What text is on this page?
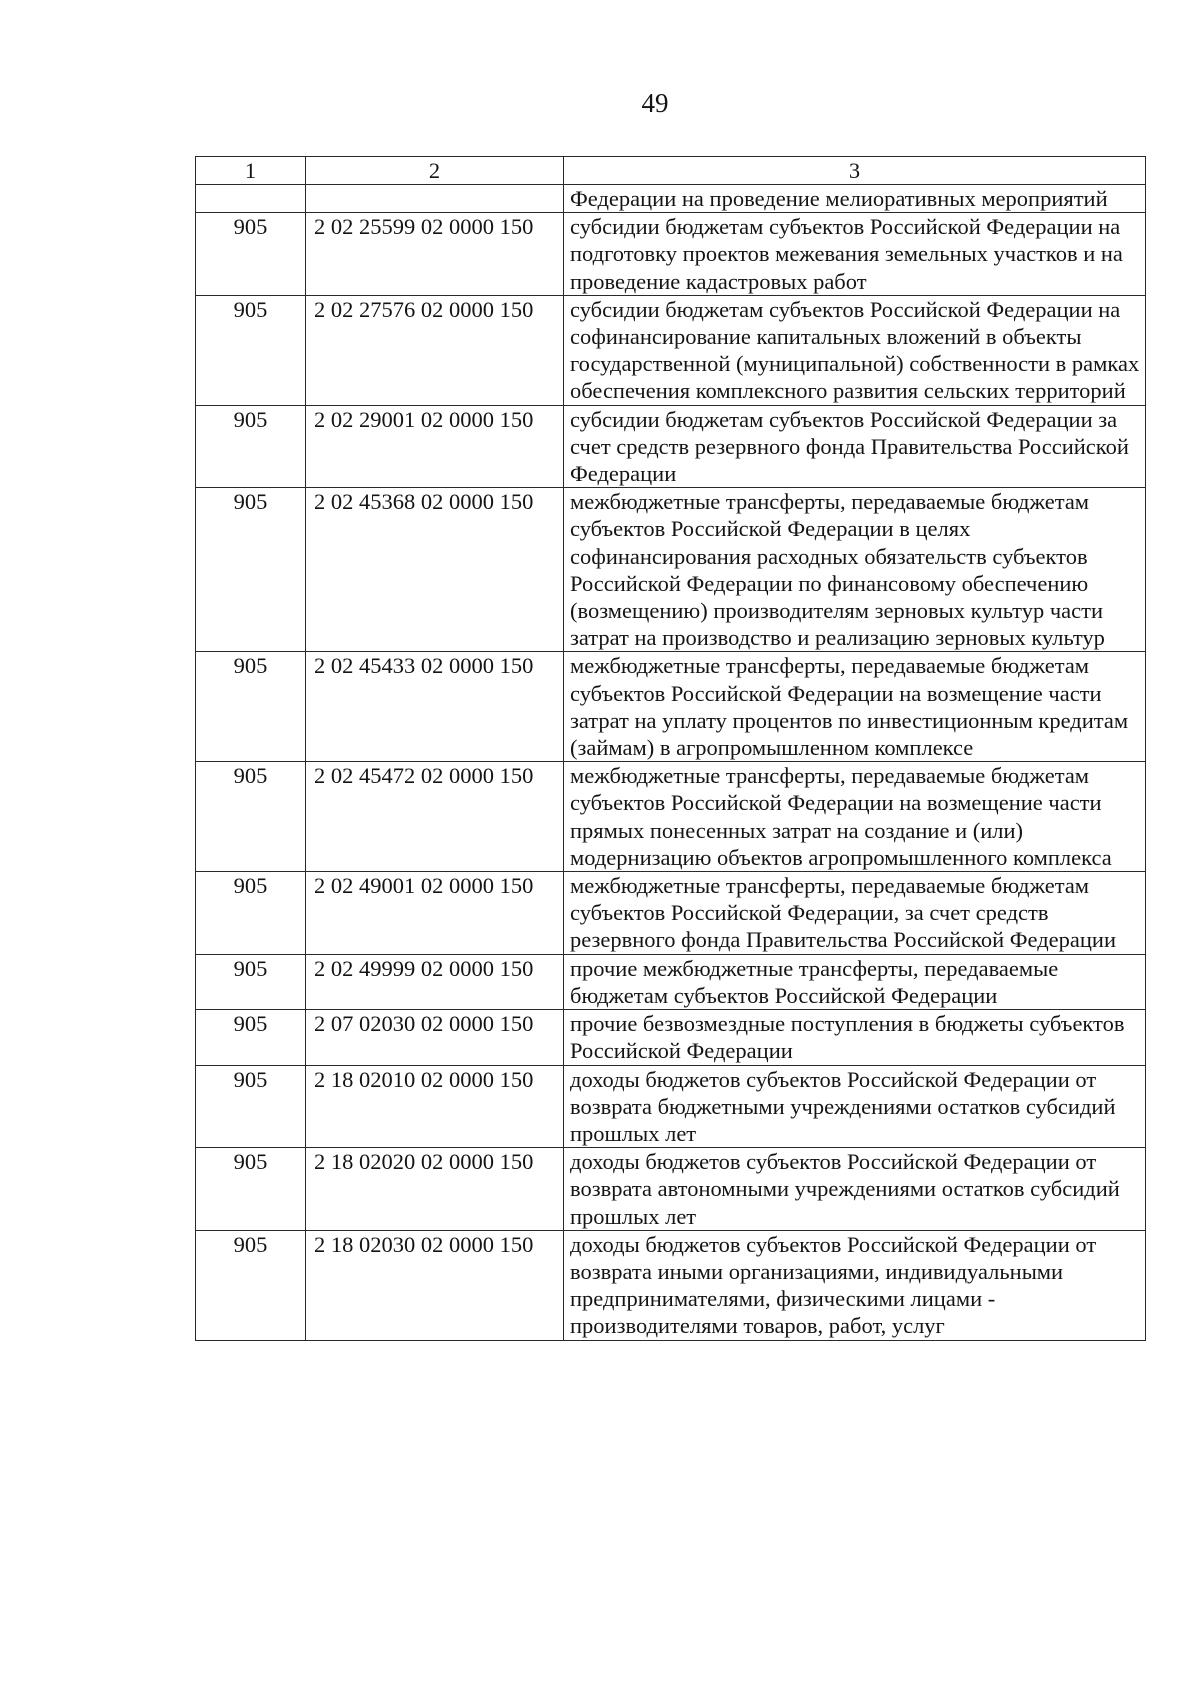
49
1	2	3
		Федерации на проведение мелиоративных мероприятий
905	2 02 25599 02 0000 150	субсидии бюджетам субъектов Российской Федерации на подготовку проектов межевания земельных участков и на проведение кадастровых работ
905	2 02 27576 02 0000 150	субсидии бюджетам субъектов Российской Федерации на софинансирование капитальных вложений в объекты государственной (муниципальной) собственности в рамках обеспечения комплексного развития сельских территорий
905	2 02 29001 02 0000 150	субсидии бюджетам субъектов Российской Федерации за счет средств резервного фонда Правительства Российской Федерации
905	2 02 45368 02 0000 150	межбюджетные трансферты, передаваемые бюджетам субъектов Российской Федерации в целях софинансирования расходных обязательств субъектов Российской Федерации по финансовому обеспечению (возмещению) производителям зерновых культур части затрат на производство и реализацию зерновых культур
905	2 02 45433 02 0000 150	межбюджетные трансферты, передаваемые бюджетам субъектов Российской Федерации на возмещение части затрат на уплату процентов по инвестиционным кредитам (займам) в агропромышленном комплексе
905	2 02 45472 02 0000 150	межбюджетные трансферты, передаваемые бюджетам субъектов Российской Федерации на возмещение части прямых понесенных затрат на создание и (или) модернизацию объектов агропромышленного комплекса
905	2 02 49001 02 0000 150	межбюджетные трансферты, передаваемые бюджетам субъектов Российской Федерации, за счет средств резервного фонда Правительства Российской Федерации
905	2 02 49999 02 0000 150	прочие межбюджетные трансферты, передаваемые бюджетам субъектов Российской Федерации
905	2 07 02030 02 0000 150	прочие безвозмездные поступления в бюджеты субъектов Российской Федерации
905	2 18 02010 02 0000 150	доходы бюджетов субъектов Российской Федерации от возврата бюджетными учреждениями остатков субсидий прошлых лет
905	2 18 02020 02 0000 150	доходы бюджетов субъектов Российской Федерации от возврата автономными учреждениями остатков субсидий прошлых лет
905	2 18 02030 02 0000 150	доходы бюджетов субъектов Российской Федерации от возврата иными организациями, индивидуальными предпринимателями, физическими лицами - производителями товаров, работ, услуг
